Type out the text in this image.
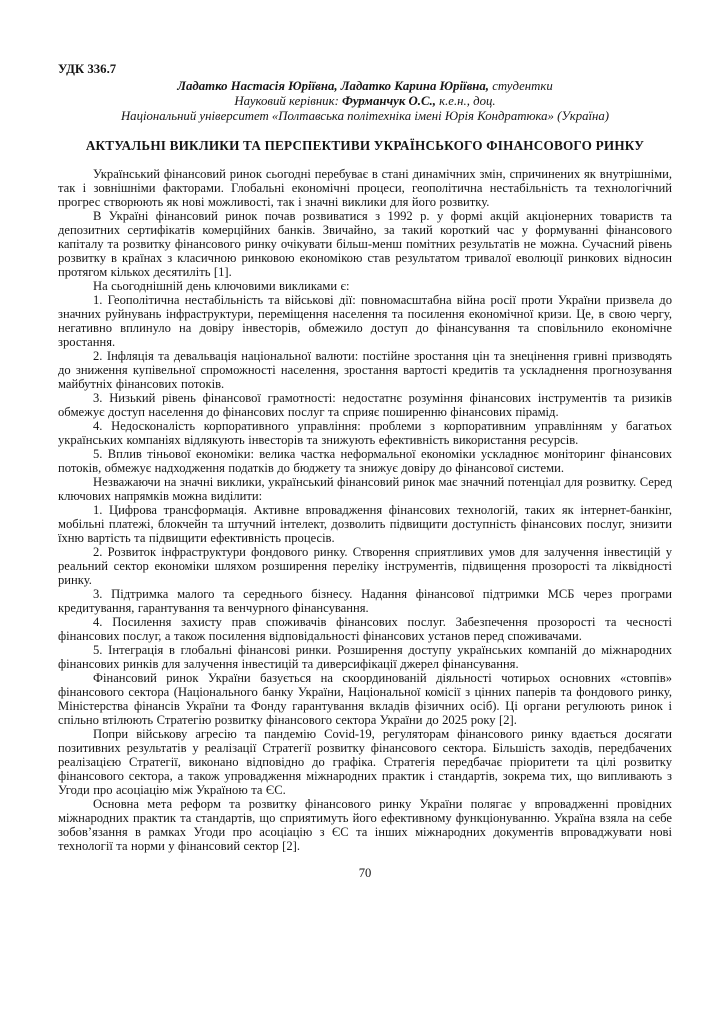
УДК 336.7
Ладатко Настасія Юріївна, Ладатко Карина Юріївна, студентки
Науковий керівник: Фурманчук О.С., к.е.н., доц.
Національний університет «Полтавська політехніка імені Юрія Кондратюка» (Україна)
АКТУАЛЬНІ ВИКЛИКИ ТА ПЕРСПЕКТИВИ УКРАЇНСЬКОГО ФІНАНСОВОГО РИНКУ

Український фінансовий ринок сьогодні перебуває в стані динамічних змін, спричинених як внутрішніми, так і зовнішніми факторами. Глобальні економічні процеси, геополітична нестабільність та технологічний прогрес створюють як нові можливості, так і значні виклики для його розвитку.

В Україні фінансовий ринок почав розвиватися з 1992 р. у формі акцій акціонерних товариств та депозитних сертифікатів комерційних банків. Звичайно, за такий короткий час у формуванні фінансового капіталу та розвитку фінансового ринку очікувати більш-менш помітних результатів не можна. Сучасний рівень розвитку в країнах з класичною ринковою економікою став результатом тривалої еволюції ринкових відносин протягом кількох десятиліть [1].

На сьогоднішній день ключовими викликами є:

1. Геополітична нестабільність та військові дії: повномасштабна війна росії проти України призвела до значних руйнувань інфраструктури, переміщення населення та посилення економічної кризи. Це, в свою чергу, негативно вплинуло на довіру інвесторів, обмежило доступ до фінансування та сповільнило економічне зростання.

2. Інфляція та девальвація національної валюти: постійне зростання цін та знецінення гривні призводять до зниження купівельної спроможності населення, зростання вартості кредитів та ускладнення прогнозування майбутніх фінансових потоків.

3. Низький рівень фінансової грамотності: недостатнє розуміння фінансових інструментів та ризиків обмежує доступ населення до фінансових послуг та сприяє поширенню фінансових пірамід.

4. Недосконалість корпоративного управління: проблеми з корпоративним управлінням у багатьох українських компаніях відлякують інвесторів та знижують ефективність використання ресурсів.

5. Вплив тіньової економіки: велика частка неформальної економіки ускладнює моніторинг фінансових потоків, обмежує надходження податків до бюджету та знижує довіру до фінансової системи.

Незважаючи на значні виклики, український фінансовий ринок має значний потенціал для розвитку. Серед ключових напрямків можна виділити:

1. Цифрова трансформація. Активне впровадження фінансових технологій, таких як інтернет-банкінг, мобільні платежі, блокчейн та штучний інтелект, дозволить підвищити доступність фінансових послуг, знизити їхню вартість та підвищити ефективність процесів.

2. Розвиток інфраструктури фондового ринку. Створення сприятливих умов для залучення інвестицій у реальний сектор економіки шляхом розширення переліку інструментів, підвищення прозорості та ліквідності ринку.

3. Підтримка малого та середнього бізнесу. Надання фінансової підтримки МСБ через програми кредитування, гарантування та венчурного фінансування.

4. Посилення захисту прав споживачів фінансових послуг. Забезпечення прозорості та чесності фінансових послуг, а також посилення відповідальності фінансових установ перед споживачами.

5. Інтеграція в глобальні фінансові ринки. Розширення доступу українських компаній до міжнародних фінансових ринків для залучення інвестицій та диверсифікації джерел фінансування.

Фінансовий ринок України базується на скоординованій діяльності чотирьох основних «стовпів» фінансового сектора (Національного банку України, Національної комісії з цінних паперів та фондового ринку, Міністерства фінансів України та Фонду гарантування вкладів фізичних осіб). Ці органи регулюють ринок і спільно втілюють Стратегію розвитку фінансового сектора України до 2025 року [2].

Попри військову агресію та пандемію Covid-19, регуляторам фінансового ринку вдається досягати позитивних результатів у реалізації Стратегії розвитку фінансового сектора. Більшість заходів, передбачених реалізацією Стратегії, виконано відповідно до графіка. Стратегія передбачає пріоритети та цілі розвитку фінансового сектора, а також упровадження міжнародних практик і стандартів, зокрема тих, що випливають з Угоди про асоціацію між Україною та ЄС.

Основна мета реформ та розвитку фінансового ринку України полягає у впровадженні провідних міжнародних практик та стандартів, що сприятимуть його ефективному функціонуванню. Україна взяла на себе зобов’язання в рамках Угоди про асоціацію з ЄС та інших міжнародних документів впроваджувати нові технології та норми у фінансовий сектор [2].

70
